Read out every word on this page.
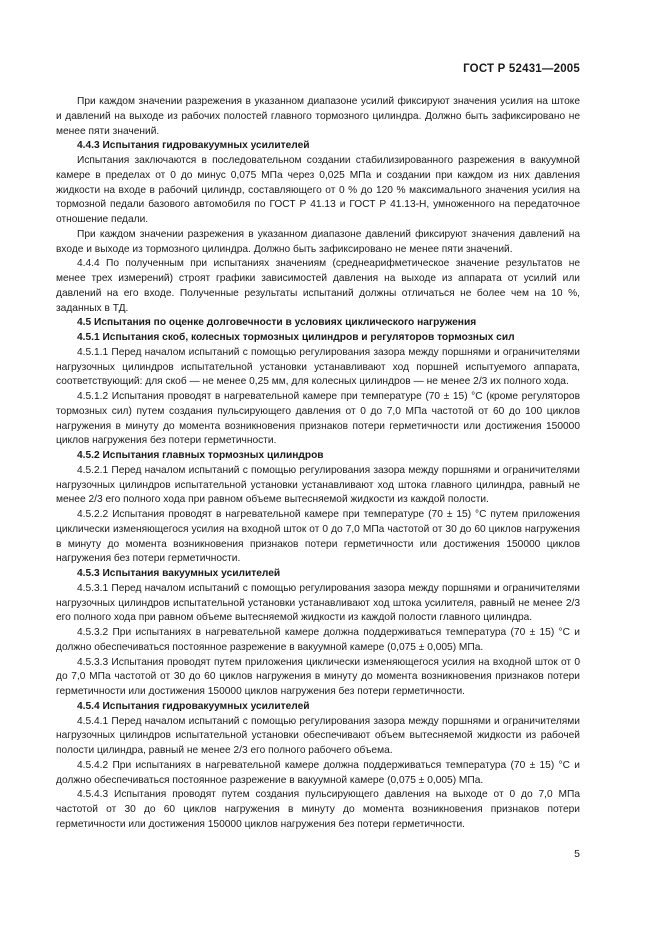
ГОСТ Р 52431—2005

При каждом значении разрежения в указанном диапазоне усилий фиксируют значения усилия на штоке и давлений на выходе из рабочих полостей главного тормозного цилиндра. Должно быть зафиксировано не менее пяти значений.

4.4.3 Испытания гидровакуумных усилителей

Испытания заключаются в последовательном создании стабилизированного разрежения в вакуумной камере в пределах от 0 до минус 0,075 МПа через 0,025 МПа и создании при каждом из них давления жидкости на входе в рабочий цилиндр, составляющего от 0 % до 120 % максимального значения усилия на тормозной педали базового автомобиля по ГОСТ Р 41.13 и ГОСТ Р 41.13-Н, умноженного на передаточное отношение педали.

При каждом значении разрежения в указанном диапазоне давлений фиксируют значения давлений на входе и выходе из тормозного цилиндра. Должно быть зафиксировано не менее пяти значений.

4.4.4 По полученным при испытаниях значениям (среднеарифметическое значение результатов не менее трех измерений) строят графики зависимостей давления на выходе из аппарата от усилий или давлений на его входе. Полученные результаты испытаний должны отличаться не более чем на 10 %, заданных в ТД.

4.5 Испытания по оценке долговечности в условиях циклического нагружения

4.5.1 Испытания скоб, колесных тормозных цилиндров и регуляторов тормозных сил

4.5.1.1 Перед началом испытаний с помощью регулирования зазора между поршнями и ограничителями нагрузочных цилиндров испытательной установки устанавливают ход поршней испытуемого аппарата, соответствующий: для скоб — не менее 0,25 мм, для колесных цилиндров — не менее 2/3 их полного хода.

4.5.1.2 Испытания проводят в нагревательной камере при температуре (70 ± 15) °С (кроме регуляторов тормозных сил) путем создания пульсирующего давления от 0 до 7,0 МПа частотой от 60 до 100 циклов нагружения в минуту до момента возникновения признаков потери герметичности или достижения 150000 циклов нагружения без потери герметичности.

4.5.2 Испытания главных тормозных цилиндров

4.5.2.1 Перед началом испытаний с помощью регулирования зазора между поршнями и ограничителями нагрузочных цилиндров испытательной установки устанавливают ход штока главного цилиндра, равный не менее 2/3 его полного хода при равном объеме вытесняемой жидкости из каждой полости.

4.5.2.2 Испытания проводят в нагревательной камере при температуре (70 ± 15) °С путем приложения циклически изменяющегося усилия на входной шток от 0 до 7,0 МПа частотой от 30 до 60 циклов нагружения в минуту до момента возникновения признаков потери герметичности или достижения 150000 циклов нагружения без потери герметичности.

4.5.3 Испытания вакуумных усилителей

4.5.3.1 Перед началом испытаний с помощью регулирования зазора между поршнями и ограничителями нагрузочных цилиндров испытательной установки устанавливают ход штока усилителя, равный не менее 2/3 его полного хода при равном объеме вытесняемой жидкости из каждой полости главного цилиндра.

4.5.3.2 При испытаниях в нагревательной камере должна поддерживаться температура (70 ± 15) °С и должно обеспечиваться постоянное разрежение в вакуумной камере (0,075 ± 0,005) МПа.

4.5.3.3 Испытания проводят путем приложения циклически изменяющегося усилия на входной шток от 0 до 7,0 МПа частотой от 30 до 60 циклов нагружения в минуту до момента возникновения признаков потери герметичности или достижения 150000 циклов нагружения без потери герметичности.

4.5.4 Испытания гидровакуумных усилителей

4.5.4.1 Перед началом испытаний с помощью регулирования зазора между поршнями и ограничителями нагрузочных цилиндров испытательной установки обеспечивают объем вытесняемой жидкости из рабочей полости цилиндра, равный не менее 2/3 его полного рабочего объема.

4.5.4.2 При испытаниях в нагревательной камере должна поддерживаться температура (70 ± 15) °С и должно обеспечиваться постоянное разрежение в вакуумной камере (0,075 ± 0,005) МПа.

4.5.4.3 Испытания проводят путем создания пульсирующего давления на выходе от 0 до 7,0 МПа частотой от 30 до 60 циклов нагружения в минуту до момента возникновения признаков потери герметичности или достижения 150000 циклов нагружения без потери герметичности.

5
